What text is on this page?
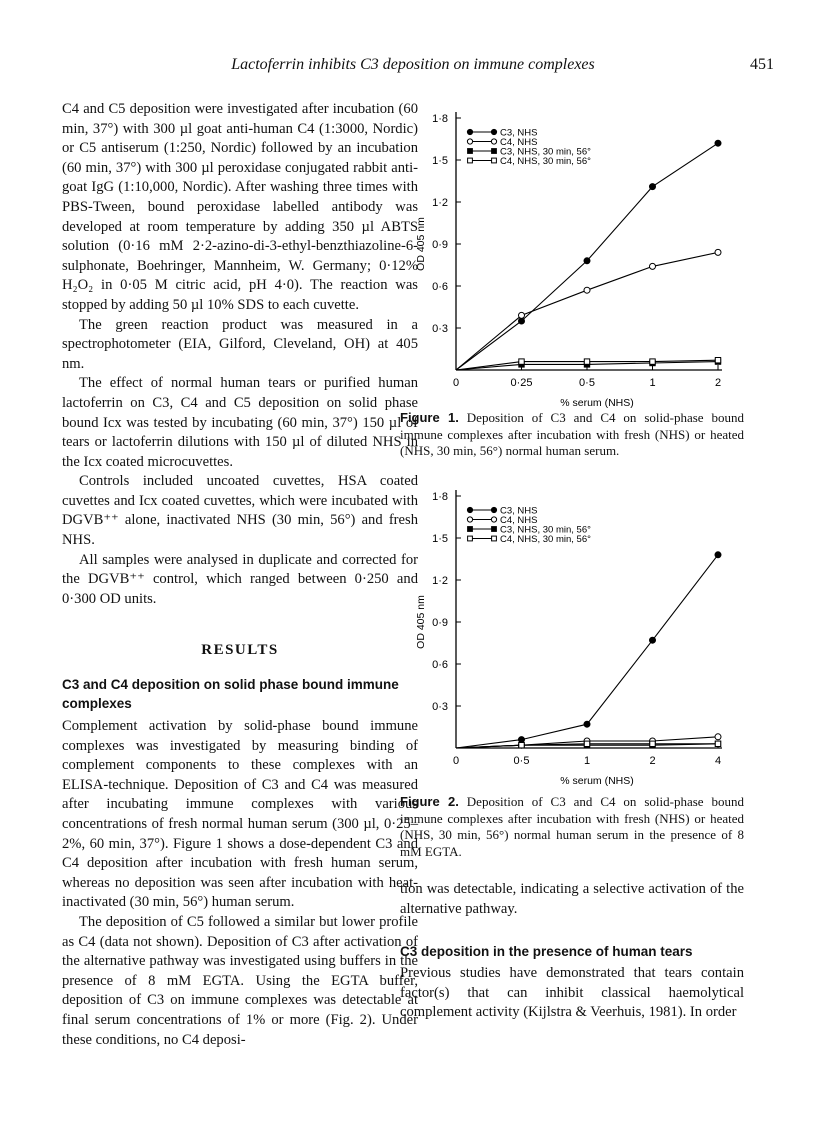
Lactoferrin inhibits C3 deposition on immune complexes	451

C4 and C5 deposition were investigated after incubation (60 min, 37°) with 300 µl goat anti-human C4 (1:3000, Nordic) or C5 antiserum (1:250, Nordic) followed by an incubation (60 min, 37°) with 300 µl peroxidase conjugated rabbit anti-goat IgG (1:10,000, Nordic). After washing three times with PBS-Tween, bound peroxidase labelled antibody was developed at room temperature by adding 350 µl ABTS solution (0·16 mM 2·2-azino-di-3-ethyl-benzthiazoline-6-sulphonate, Boehringer, Mannheim, W. Germany; 0·12% H₂O₂ in 0·05 M citric acid, pH 4·0). The reaction was stopped by adding 50 µl 10% SDS to each cuvette.

The green reaction product was measured in a spectrophotometer (EIA, Gilford, Cleveland, OH) at 405 nm.

The effect of normal human tears or purified human lactoferrin on C3, C4 and C5 deposition on solid phase bound Icx was tested by incubating (60 min, 37°) 150 µl of tears or lactoferrin dilutions with 150 µl of diluted NHS in the Icx coated microcuvettes.

Controls included uncoated cuvettes, HSA coated cuvettes and Icx coated cuvettes, which were incubated with DGVB⁺⁺ alone, inactivated NHS (30 min, 56°) and fresh NHS.

All samples were analysed in duplicate and corrected for the DGVB⁺⁺ control, which ranged between 0·250 and 0·300 OD units.

RESULTS
C3 and C4 deposition on solid phase bound immune complexes

Complement activation by solid-phase bound immune complexes was investigated by measuring binding of complement components to these complexes with an ELISA-technique. Deposition of C3 and C4 was measured after incubating immune complexes with various concentrations of fresh normal human serum (300 µl, 0·25–2%, 60 min, 37°). Figure 1 shows a dose-dependent C3 and C4 deposition after incubation with fresh human serum, whereas no deposition was seen after incubation with heat-inactivated (30 min, 56°) human serum.

The deposition of C5 followed a similar but lower profile as C4 (data not shown). Deposition of C3 after activation of the alternative pathway was investigated using buffers in the presence of 8 mM EGTA. Using the EGTA buffer, deposition of C3 on immune complexes was detectable at final serum concentrations of 1% or more (Fig. 2). Under these conditions, no C4 deposi-

0
0·3
0·6
0·9
1·2
1·5
1·8
0·25	0·5	1	2
% serum (NHS)
OD 405 nm
C3, NHS
C4, NHS
C3, NHS, 30 min, 56°
C4, NHS, 30 min, 56°
Figure 1. Deposition of C3 and C4 on solid-phase bound immune complexes after incubation with fresh (NHS) or heated (NHS, 30 min, 56°) normal human serum.
0
0·3
0·6
0·9
1·2
1·5
1·8
0·5	1	2	4
% serum (NHS)
OD 405 nm
C3, NHS
C4, NHS
C3, NHS, 30 min, 56°
C4, NHS, 30 min, 56°
Figure 2. Deposition of C3 and C4 on solid-phase bound immune complexes after incubation with fresh (NHS) or heated (NHS, 30 min, 56°) normal human serum in the presence of 8 mM EGTA.

tion was detectable, indicating a selective activation of the alternative pathway.

C3 deposition in the presence of human tears

Previous studies have demonstrated that tears contain factor(s) that can inhibit classical haemolytical complement activity (Kijlstra & Veerhuis, 1981). In order
